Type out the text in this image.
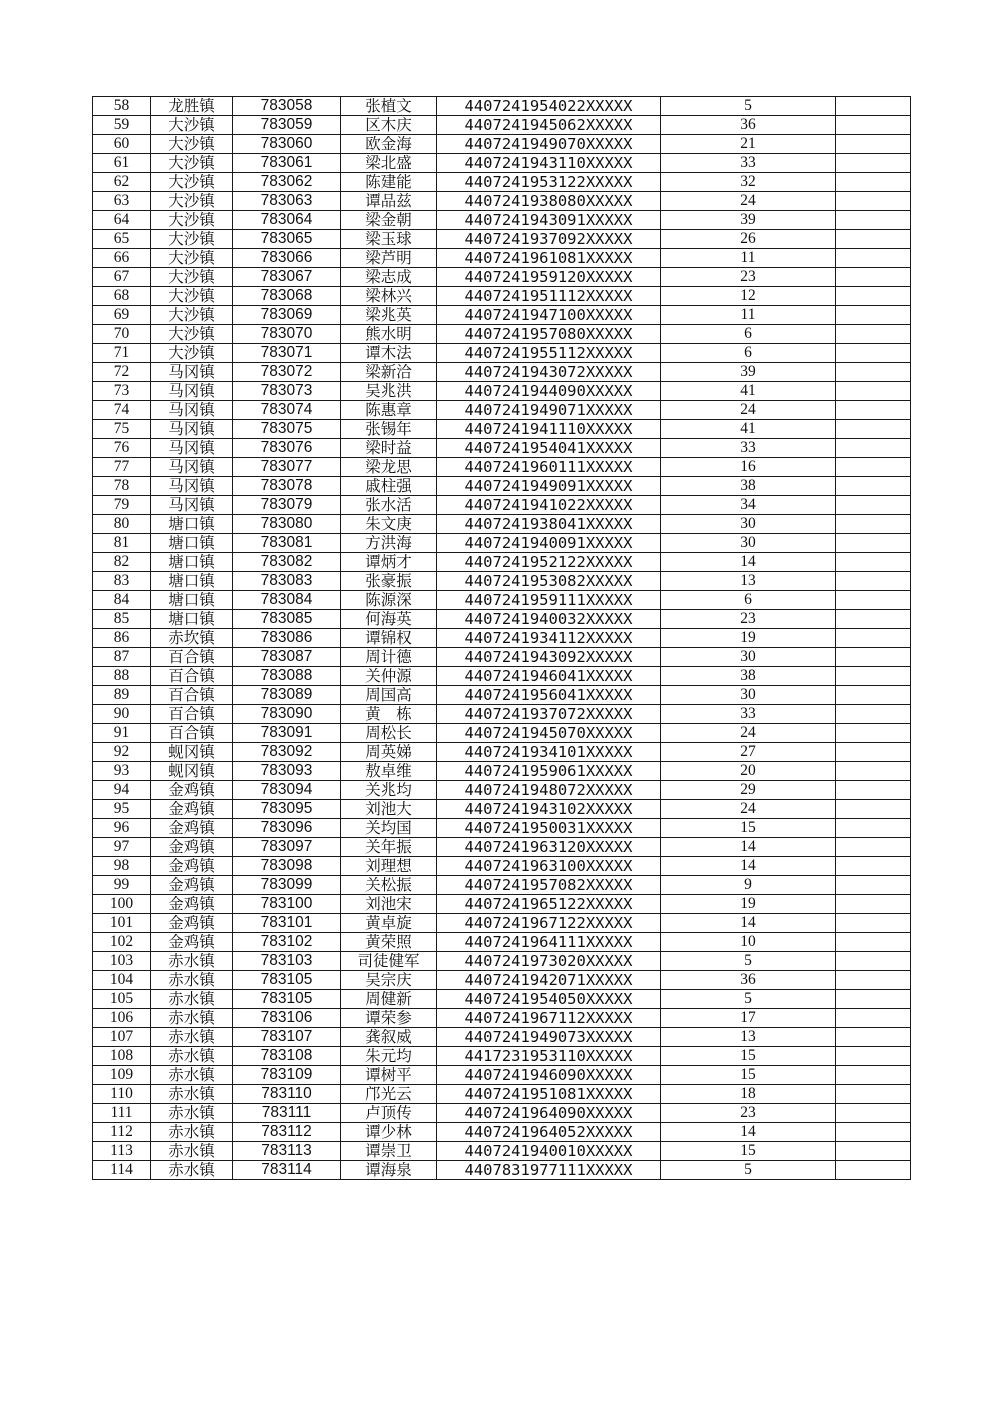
58	龙胜镇	783058	张植文	4407241954022XXXXX	5	
59	大沙镇	783059	区木庆	4407241945062XXXXX	36	
60	大沙镇	783060	欧金海	4407241949070XXXXX	21	
61	大沙镇	783061	梁北盛	4407241943110XXXXX	33	
62	大沙镇	783062	陈建能	4407241953122XXXXX	32	
63	大沙镇	783063	谭品兹	4407241938080XXXXX	24	
64	大沙镇	783064	梁金朝	4407241943091XXXXX	39	
65	大沙镇	783065	梁玉球	4407241937092XXXXX	26	
66	大沙镇	783066	梁芦明	4407241961081XXXXX	11	
67	大沙镇	783067	梁志成	4407241959120XXXXX	23	
68	大沙镇	783068	梁林兴	4407241951112XXXXX	12	
69	大沙镇	783069	梁兆英	4407241947100XXXXX	11	
70	大沙镇	783070	熊水明	4407241957080XXXXX	6	
71	大沙镇	783071	谭木法	4407241955112XXXXX	6	
72	马冈镇	783072	梁新洽	4407241943072XXXXX	39	
73	马冈镇	783073	吴兆洪	4407241944090XXXXX	41	
74	马冈镇	783074	陈惠章	4407241949071XXXXX	24	
75	马冈镇	783075	张锡年	4407241941110XXXXX	41	
76	马冈镇	783076	梁时益	4407241954041XXXXX	33	
77	马冈镇	783077	梁龙思	4407241960111XXXXX	16	
78	马冈镇	783078	戚柱强	4407241949091XXXXX	38	
79	马冈镇	783079	张水活	4407241941022XXXXX	34	
80	塘口镇	783080	朱文庚	4407241938041XXXXX	30	
81	塘口镇	783081	方洪海	4407241940091XXXXX	30	
82	塘口镇	783082	谭炳才	4407241952122XXXXX	14	
83	塘口镇	783083	张豪振	4407241953082XXXXX	13	
84	塘口镇	783084	陈源深	4407241959111XXXXX	6	
85	塘口镇	783085	何海英	4407241940032XXXXX	23	
86	赤坎镇	783086	谭锦权	4407241934112XXXXX	19	
87	百合镇	783087	周计德	4407241943092XXXXX	30	
88	百合镇	783088	关仲源	4407241946041XXXXX	38	
89	百合镇	783089	周国高	4407241956041XXXXX	30	
90	百合镇	783090	黄　栋	4407241937072XXXXX	33	
91	百合镇	783091	周松长	4407241945070XXXXX	24	
92	蚬冈镇	783092	周英娣	4407241934101XXXXX	27	
93	蚬冈镇	783093	敖卓维	4407241959061XXXXX	20	
94	金鸡镇	783094	关兆均	4407241948072XXXXX	29	
95	金鸡镇	783095	刘池大	4407241943102XXXXX	24	
96	金鸡镇	783096	关均国	4407241950031XXXXX	15	
97	金鸡镇	783097	关年振	4407241963120XXXXX	14	
98	金鸡镇	783098	刘理想	4407241963100XXXXX	14	
99	金鸡镇	783099	关松振	4407241957082XXXXX	9	
100	金鸡镇	783100	刘池宋	4407241965122XXXXX	19	
101	金鸡镇	783101	黄卓旋	4407241967122XXXXX	14	
102	金鸡镇	783102	黄荣照	4407241964111XXXXX	10	
103	赤水镇	783103	司徒健军	4407241973020XXXXX	5	
104	赤水镇	783105	吴宗庆	4407241942071XXXXX	36	
105	赤水镇	783105	周健新	4407241954050XXXXX	5	
106	赤水镇	783106	谭荣参	4407241967112XXXXX	17	
107	赤水镇	783107	龚叙威	4407241949073XXXXX	13	
108	赤水镇	783108	朱元均	4417231953110XXXXX	15	
109	赤水镇	783109	谭树平	4407241946090XXXXX	15	
110	赤水镇	783110	邝光云	4407241951081XXXXX	18	
111	赤水镇	783111	卢顶传	4407241964090XXXXX	23	
112	赤水镇	783112	谭少林	4407241964052XXXXX	14	
113	赤水镇	783113	谭崇卫	4407241940010XXXXX	15	
114	赤水镇	783114	谭海泉	4407831977111XXXXX	5	
